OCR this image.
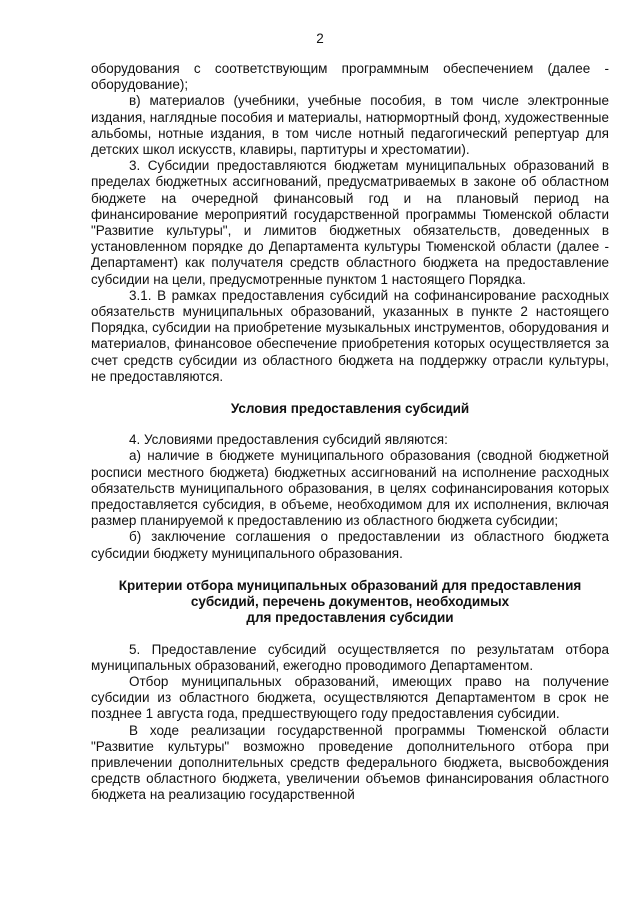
2

оборудования с соответствующим программным обеспечением (далее - оборудование);

в) материалов (учебники, учебные пособия, в том числе электронные издания, наглядные пособия и материалы, натюрмортный фонд, художественные альбомы, нотные издания, в том числе нотный педагогический репертуар для детских школ искусств, клавиры, партитуры и хрестоматии).

3. Субсидии предоставляются бюджетам муниципальных образований в пределах бюджетных ассигнований, предусматриваемых в законе об областном бюджете на очередной финансовый год и на плановый период на финансирование мероприятий государственной программы Тюменской области "Развитие культуры", и лимитов бюджетных обязательств, доведенных в установленном порядке до Департамента культуры Тюменской области (далее - Департамент) как получателя средств областного бюджета на предоставление субсидии на цели, предусмотренные пунктом 1 настоящего Порядка.

3.1. В рамках предоставления субсидий на софинансирование расходных обязательств муниципальных образований, указанных в пункте 2 настоящего Порядка, субсидии на приобретение музыкальных инструментов, оборудования и материалов, финансовое обеспечение приобретения которых осуществляется за счет средств субсидии из областного бюджета на поддержку отрасли культуры, не предоставляются.

Условия предоставления субсидий

4. Условиями предоставления субсидий являются:

а) наличие в бюджете муниципального образования (сводной бюджетной росписи местного бюджета) бюджетных ассигнований на исполнение расходных обязательств муниципального образования, в целях софинансирования которых предоставляется субсидия, в объеме, необходимом для их исполнения, включая размер планируемой к предоставлению из областного бюджета субсидии;

б) заключение соглашения о предоставлении из областного бюджета субсидии бюджету муниципального образования.

Критерии отбора муниципальных образований для предоставления

субсидий, перечень документов, необходимых

для предоставления субсидии

5. Предоставление субсидий осуществляется по результатам отбора муниципальных образований, ежегодно проводимого Департаментом.

Отбор муниципальных образований, имеющих право на получение субсидии из областного бюджета, осуществляются Департаментом в срок не позднее 1 августа года, предшествующего году предоставления субсидии.

В ходе реализации государственной программы Тюменской области "Развитие культуры" возможно проведение дополнительного отбора при привлечении дополнительных средств федерального бюджета, высвобождения средств областного бюджета, увеличении объемов финансирования областного бюджета на реализацию государственной
